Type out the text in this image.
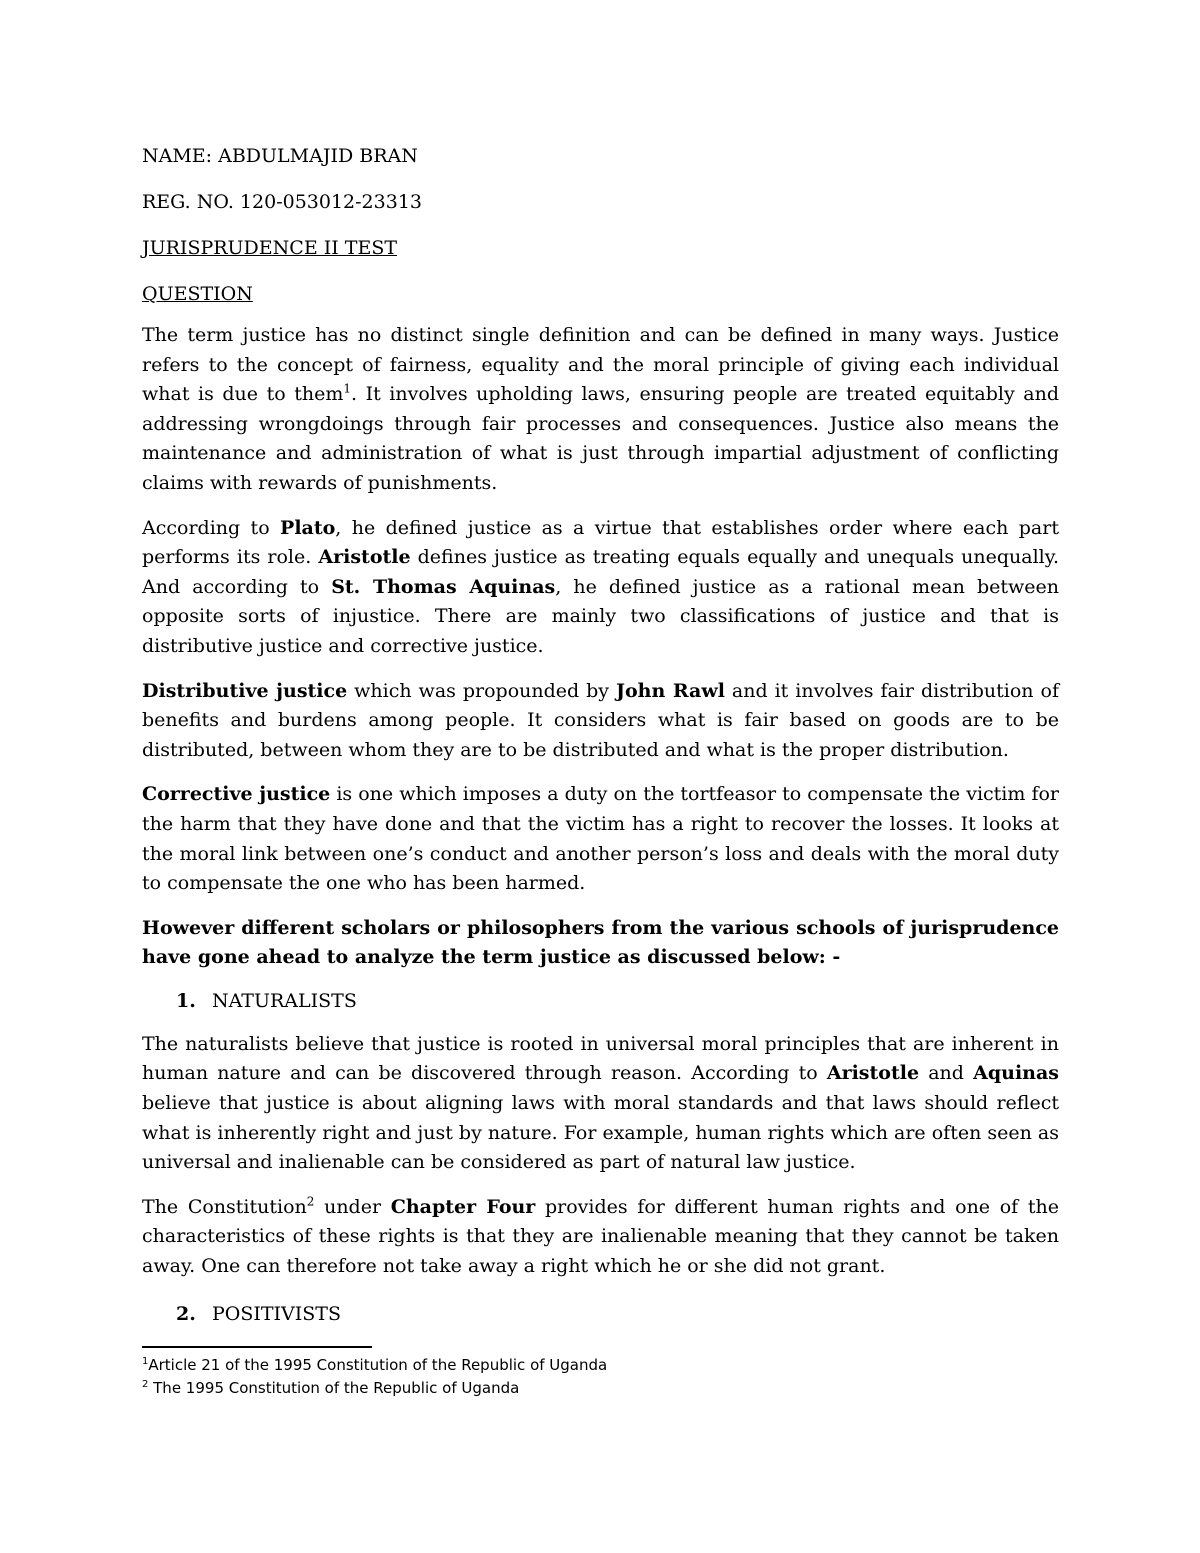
NAME: ABDULMAJID BRAN
REG. NO. 120-053012-23313
JURISPRUDENCE II TEST
QUESTION

The term justice has no distinct single definition and can be defined in many ways. Justice refers to the concept of fairness, equality and the moral principle of giving each individual what is due to them$^1$. It involves upholding laws, ensuring people are treated equitably and addressing wrongdoings through fair processes and consequences. Justice also means the maintenance and administration of what is just through impartial adjustment of conflicting claims with rewards of punishments.

According to Plato, he defined justice as a virtue that establishes order where each part performs its role. Aristotle defines justice as treating equals equally and unequals unequally. And according to St. Thomas Aquinas, he defined justice as a rational mean between opposite sorts of injustice. There are mainly two classifications of justice and that is distributive justice and corrective justice.

Distributive justice which was propounded by John Rawl and it involves fair distribution of benefits and burdens among people. It considers what is fair based on goods are to be distributed, between whom they are to be distributed and what is the proper distribution.

Corrective justice is one which imposes a duty on the tortfeasor to compensate the victim for the harm that they have done and that the victim has a right to recover the losses. It looks at the moral link between one’s conduct and another person’s loss and deals with the moral duty to compensate the one who has been harmed.

However different scholars or philosophers from the various schools of jurisprudence have gone ahead to analyze the term justice as discussed below: -

1. NATURALISTS

The naturalists believe that justice is rooted in universal moral principles that are inherent in human nature and can be discovered through reason. According to Aristotle and Aquinas believe that justice is about aligning laws with moral standards and that laws should reflect what is inherently right and just by nature. For example, human rights which are often seen as universal and inalienable can be considered as part of natural law justice.

The Constitution$^2$ under Chapter Four provides for different human rights and one of the characteristics of these rights is that they are inalienable meaning that they cannot be taken away. One can therefore not take away a right which he or she did not grant.

2. POSITIVISTS
$^1$Article 21 of the 1995 Constitution of the Republic of Uganda
$^2$ The 1995 Constitution of the Republic of Uganda
